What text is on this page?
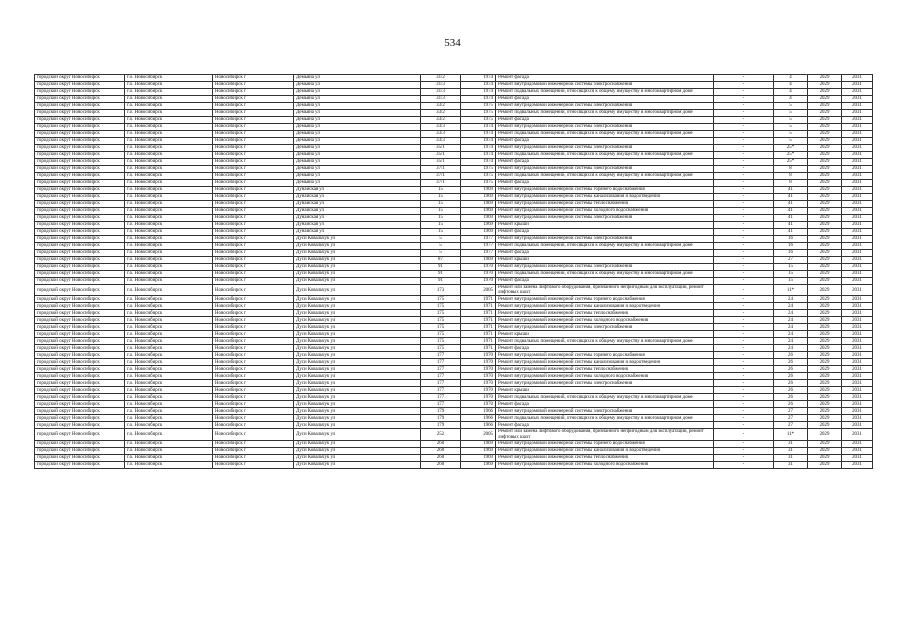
534
городской округ Новосибирск	г.о. Новосибирск	Новосибирск г	Демьяна ул	31/2	1974	Ремонт фасада	-	4	2029	2031
городской округ Новосибирск	г.о. Новосибирск	Новосибирск г	Демьяна ул	31/3	1974	Ремонт внутридомовой инженерной системы электроснабжения	-	4	2029	2031
городской округ Новосибирск	г.о. Новосибирск	Новосибирск г	Демьяна ул	31/3	1974	Ремонт подвальных помещений, относящихся к общему имуществу в многоквартирном доме	-	4	2029	2031
городской округ Новосибирск	г.о. Новосибирск	Новосибирск г	Демьяна ул	31/3	1974	Ремонт фасада	-	4	2029	2031
городской округ Новосибирск	г.о. Новосибирск	Новосибирск г	Демьяна ул	33/2	1975	Ремонт внутридомовой инженерной системы электроснабжения	-	5	2029	2031
городской округ Новосибирск	г.о. Новосибирск	Новосибирск г	Демьяна ул	33/2	1975	Ремонт подвальных помещений, относящихся к общему имуществу в многоквартирном доме	-	5	2029	2031
городской округ Новосибирск	г.о. Новосибирск	Новосибирск г	Демьяна ул	33/2	1975	Ремонт фасада	-	5	2029	2031
городской округ Новосибирск	г.о. Новосибирск	Новосибирск г	Демьяна ул	33/3	1974	Ремонт внутридомовой инженерной системы электроснабжения	-	5	2029	2031
городской округ Новосибирск	г.о. Новосибирск	Новосибирск г	Демьяна ул	33/3	1974	Ремонт подвальных помещений, относящихся к общему имуществу в многоквартирном доме	-	5	2029	2031
городской округ Новосибирск	г.о. Новосибирск	Новосибирск г	Демьяна ул	33/3	1974	Ремонт фасада	-	5	2029	2031
городской округ Новосибирск	г.о. Новосибирск	Новосибирск г	Демьяна ул	35/1	1974	Ремонт внутридомовой инженерной системы электроснабжения	-	25*	2029	2031
городской округ Новосибирск	г.о. Новосибирск	Новосибирск г	Демьяна ул	35/1	1974	Ремонт подвальных помещений, относящихся к общему имуществу в многоквартирном доме	-	25*	2029	2031
городской округ Новосибирск	г.о. Новосибирск	Новосибирск г	Демьяна ул	35/1	1974	Ремонт фасада	-	25*	2029	2031
городской округ Новосибирск	г.о. Новосибирск	Новосибирск г	Демьяна ул	37/1	1975	Ремонт внутридомовой инженерной системы электроснабжения	-	8	2029	2031
городской округ Новосибирск	г.о. Новосибирск	Новосибирск г	Демьяна ул	37/1	1975	Ремонт подвальных помещений, относящихся к общему имуществу в многоквартирном доме	-	8	2029	2031
городской округ Новосибирск	г.о. Новосибирск	Новосибирск г	Демьяна ул	37/1	1975	Ремонт фасада	-	8	2029	2031
городской округ Новосибирск	г.о. Новосибирск	Новосибирск г	Дунайская ул	15	1969	Ремонт внутридомовой инженерной системы горячего водоснабжения	-	41	2029	2031
городской округ Новосибирск	г.о. Новосибирск	Новосибирск г	Дунайская ул	15	1969	Ремонт внутридомовой инженерной системы канализования и водоотведения	-	41	2029	2031
городской округ Новосибирск	г.о. Новосибирск	Новосибирск г	Дунайская ул	15	1969	Ремонт внутридомовой инженерной системы теплоснабжения	-	41	2029	2031
городской округ Новосибирск	г.о. Новосибирск	Новосибирск г	Дунайская ул	15	1969	Ремонт внутридомовой инженерной системы холодного водоснабжения	-	41	2029	2031
городской округ Новосибирск	г.о. Новосибирск	Новосибирск г	Дунайская ул	15	1969	Ремонт внутридомовой инженерной системы электроснабжения	-	41	2029	2031
городской округ Новосибирск	г.о. Новосибирск	Новосибирск г	Дунайская ул	15	1969	Ремонт крыши	-	41	2029	2031
городской округ Новосибирск	г.о. Новосибирск	Новосибирск г	Дунайская ул	15	1969	Ремонт фасада	-	41	2029	2031
городской округ Новосибирск	г.о. Новосибирск	Новосибирск г	Дуси Ковальчук ул	5	1977	Ремонт внутридомовой инженерной системы электроснабжения	-	16	2029	2031
городской округ Новосибирск	г.о. Новосибирск	Новосибирск г	Дуси Ковальчук ул	5	1977	Ремонт подвальных помещений, относящихся к общему имуществу в многоквартирном доме	-	16	2029	2031
городской округ Новосибирск	г.о. Новосибирск	Новосибирск г	Дуси Ковальчук ул	5	1977	Ремонт фасада	-	16	2029	2031
городской округ Новосибирск	г.о. Новосибирск	Новосибирск г	Дуси Ковальчук ул	87	1969	Ремонт крыши	-	27	2029	2031
городской округ Новосибирск	г.о. Новосибирск	Новосибирск г	Дуси Ковальчук ул	91	1970	Ремонт внутридомовой инженерной системы электроснабжения	-	15	2029	2031
городской округ Новосибирск	г.о. Новосибирск	Новосибирск г	Дуси Ковальчук ул	91	1970	Ремонт подвальных помещений, относящихся к общему имуществу в многоквартирном доме	-	15	2029	2031
городской округ Новосибирск	г.о. Новосибирск	Новосибирск г	Дуси Ковальчук ул	91	1970	Ремонт фасада	-	15	2029	2031
городской округ Новосибирск	г.о. Новосибирск	Новосибирск г	Дуси Ковальчук ул	173	2005	Ремонт или замена лифтового оборудования, признанного непригодным для эксплуатации, ремонт лифтовых шахт	-	11*	2029	2031
городской округ Новосибирск	г.о. Новосибирск	Новосибирск г	Дуси Ковальчук ул	175	1971	Ремонт внутридомовой инженерной системы горячего водоснабжения	-	24	2029	2031
городской округ Новосибирск	г.о. Новосибирск	Новосибирск г	Дуси Ковальчук ул	175	1971	Ремонт внутридомовой инженерной системы канализования и водоотведения	-	24	2029	2031
городской округ Новосибирск	г.о. Новосибирск	Новосибирск г	Дуси Ковальчук ул	175	1971	Ремонт внутридомовой инженерной системы теплоснабжения	-	24	2029	2031
городской округ Новосибирск	г.о. Новосибирск	Новосибирск г	Дуси Ковальчук ул	175	1971	Ремонт внутридомовой инженерной системы холодного водоснабжения	-	24	2029	2031
городской округ Новосибирск	г.о. Новосибирск	Новосибирск г	Дуси Ковальчук ул	175	1971	Ремонт внутридомовой инженерной системы электроснабжения	-	24	2029	2031
городской округ Новосибирск	г.о. Новосибирск	Новосибирск г	Дуси Ковальчук ул	175	1971	Ремонт крыши	-	24	2029	2031
городской округ Новосибирск	г.о. Новосибирск	Новосибирск г	Дуси Ковальчук ул	175	1971	Ремонт подвальных помещений, относящихся к общему имуществу в многоквартирном доме	-	24	2029	2031
городской округ Новосибирск	г.о. Новосибирск	Новосибирск г	Дуси Ковальчук ул	175	1971	Ремонт фасада	-	24	2029	2031
городской округ Новосибирск	г.о. Новосибирск	Новосибирск г	Дуси Ковальчук ул	177	1970	Ремонт внутридомовой инженерной системы горячего водоснабжения	-	26	2029	2031
городской округ Новосибирск	г.о. Новосибирск	Новосибирск г	Дуси Ковальчук ул	177	1970	Ремонт внутридомовой инженерной системы канализования и водоотведения	-	26	2029	2031
городской округ Новосибирск	г.о. Новосибирск	Новосибирск г	Дуси Ковальчук ул	177	1970	Ремонт внутридомовой инженерной системы теплоснабжения	-	26	2029	2031
городской округ Новосибирск	г.о. Новосибирск	Новосибирск г	Дуси Ковальчук ул	177	1970	Ремонт внутридомовой инженерной системы холодного водоснабжения	-	26	2029	2031
городской округ Новосибирск	г.о. Новосибирск	Новосибирск г	Дуси Ковальчук ул	177	1970	Ремонт внутридомовой инженерной системы электроснабжения	-	26	2029	2031
городской округ Новосибирск	г.о. Новосибирск	Новосибирск г	Дуси Ковальчук ул	177	1970	Ремонт крыши	-	26	2029	2031
городской округ Новосибирск	г.о. Новосибирск	Новосибирск г	Дуси Ковальчук ул	177	1970	Ремонт подвальных помещений, относящихся к общему имуществу в многоквартирном доме	-	26	2029	2031
городской округ Новосибирск	г.о. Новосибирск	Новосибирск г	Дуси Ковальчук ул	177	1970	Ремонт фасада	-	26	2029	2031
городской округ Новосибирск	г.о. Новосибирск	Новосибирск г	Дуси Ковальчук ул	179	1966	Ремонт внутридомовой инженерной системы электроснабжения	-	27	2029	2031
городской округ Новосибирск	г.о. Новосибирск	Новосибирск г	Дуси Ковальчук ул	179	1966	Ремонт подвальных помещений, относящихся к общему имуществу в многоквартирном доме	-	27	2029	2031
городской округ Новосибирск	г.о. Новосибирск	Новосибирск г	Дуси Ковальчук ул	179	1966	Ремонт фасада	-	27	2029	2031
городской округ Новосибирск	г.о. Новосибирск	Новосибирск г	Дуси Ковальчук ул	252	2005	Ремонт или замена лифтового оборудования, признанного непригодным для эксплуатации, ремонт лифтовых шахт	-	11*	2029	2031
городской округ Новосибирск	г.о. Новосибирск	Новосибирск г	Дуси Ковальчук ул	260	1969	Ремонт внутридомовой инженерной системы горячего водоснабжения	-	31	2029	2031
городской округ Новосибирск	г.о. Новосибирск	Новосибирск г	Дуси Ковальчук ул	260	1969	Ремонт внутридомовой инженерной системы канализования и водоотведения	-	31	2029	2031
городской округ Новосибирск	г.о. Новосибирск	Новосибирск г	Дуси Ковальчук ул	260	1969	Ремонт внутридомовой инженерной системы теплоснабжения	-	31	2029	2031
городской округ Новосибирск	г.о. Новосибирск	Новосибирск г	Дуси Ковальчук ул	260	1969	Ремонт внутридомовой инженерной системы холодного водоснабжения	-	31	2029	2031
